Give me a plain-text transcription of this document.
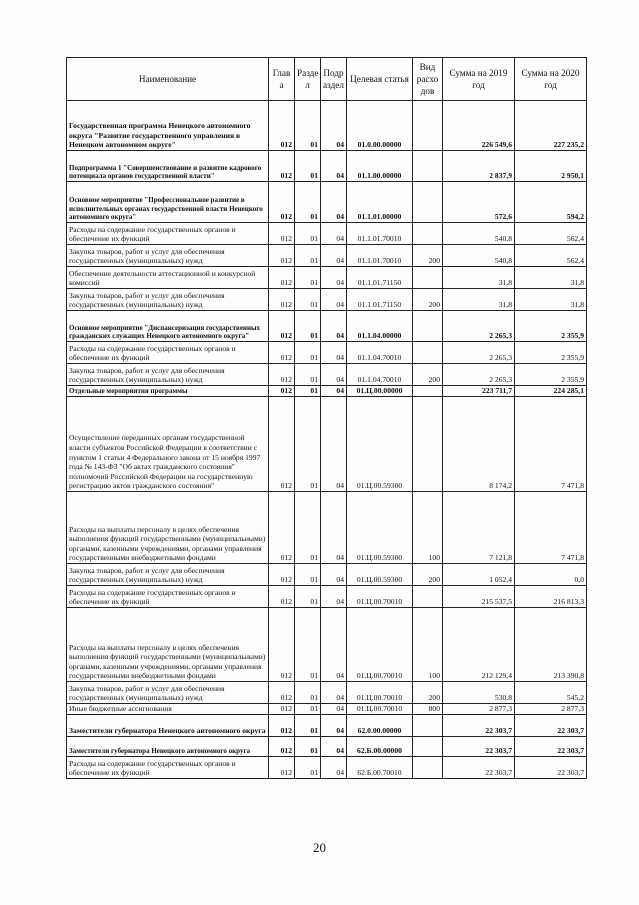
Наименование	Глав а	Разде л	Подр аздел	Целевая статья	Вид расхо дов	Сумма на 2019 год	Сумма на 2020 год
Государственная программа Ненецкого автономного округа "Развитие государственного управления в Ненецком автономном округе"	012	01	04	01.0.00.00000		226 549,6	227 235,2
Подпрограмма 1 "Совершенствование и развитие кадрового потенциала органов государственной власти"	012	01	04	01.1.00.00000		2 837,9	2 950,1
Основное мероприятие "Профессиональное развитие в исполнительных органах государственной власти Ненецкого автономного округа"	012	01	04	01.1.01.00000		572,6	594,2
Расходы на содержание государственных органов и обеспечение их функций	012	01	04	01.1.01.70010		540,8	562,4
Закупка товаров, работ и услуг для обеспечения государственных (муниципальных) нужд	012	01	04	01.1.01.70010	200	540,8	562,4
Обеспечение деятельности аттестационной и конкурсной комиссий	012	01	04	01.1.01.71150		31,8	31,8
Закупка товаров, работ и услуг для обеспечения государственных (муниципальных) нужд	012	01	04	01.1.01.71150	200	31,8	31,8
Основное мероприятие "Диспансеризация государственных гражданских служащих Ненецкого автономного округа"	012	01	04	01.1.04.00000		2 265,3	2 355,9
Расходы на содержание государственных органов и обеспечение их функций	012	01	04	01.1.04.70010		2 265,3	2 355,9
Закупка товаров, работ и услуг для обеспечения государственных (муниципальных) нужд	012	01	04	01.1.04.70010	200	2 265,3	2 355,9
Отдельные мероприятия программы	012	01	04	01.Ц.00.00000		223 711,7	224 285,1
Осуществление переданных органам государственной власти субъектов Российской Федерации в соответствии с пунктом 1 статьи 4 Федерального закона от 15 ноября 1997 года № 143-ФЗ "Об актах гражданского состояния" полномочий Российской Федерации на государственную регистрацию актов гражданского состояния"	012	01	04	01.Ц.00.59300		8 174,2	7 471,8
Расходы на выплаты персоналу в целях обеспечения выполнения функций государственными (муниципальными) органами, казенными учреждениями, органами управления государственными внебюджетными фондами	012	01	04	01.Ц.00.59300	100	7 121,8	7 471,8
Закупка товаров, работ и услуг для обеспечения государственных (муниципальных) нужд	012	01	04	01.Ц.00.59300	200	1 052,4	0,0
Расходы на содержание государственных органов и обеспечение их функций	012	01	04	01.Ц.00.70010		215 537,5	216 813,3
Расходы на выплаты персоналу в целях обеспечения выполнения функций государственными (муниципальными) органами, казенными учреждениями, органами управления государственными внебюджетными фондами	012	01	04	01.Ц.00.70010	100	212 129,4	213 390,8
Закупка товаров, работ и услуг для обеспечения государственных (муниципальных) нужд	012	01	04	01.Ц.00.70010	200	530,8	545,2
Иные бюджетные ассигнования	012	01	04	01.Ц.00.70010	800	2 877,3	2 877,3
Заместители губернатора Ненецкого автономного округа	012	01	04	62.0.00.00000		22 303,7	22 303,7
Заместители губернатора Ненецкого автономного округа	012	01	04	62.Б.00.00000		22 303,7	22 303,7
Расходы на содержание государственных органов и обеспечение их функций	012	01	04	62.Б.00.70010		22 303,7	22 303,7
20
